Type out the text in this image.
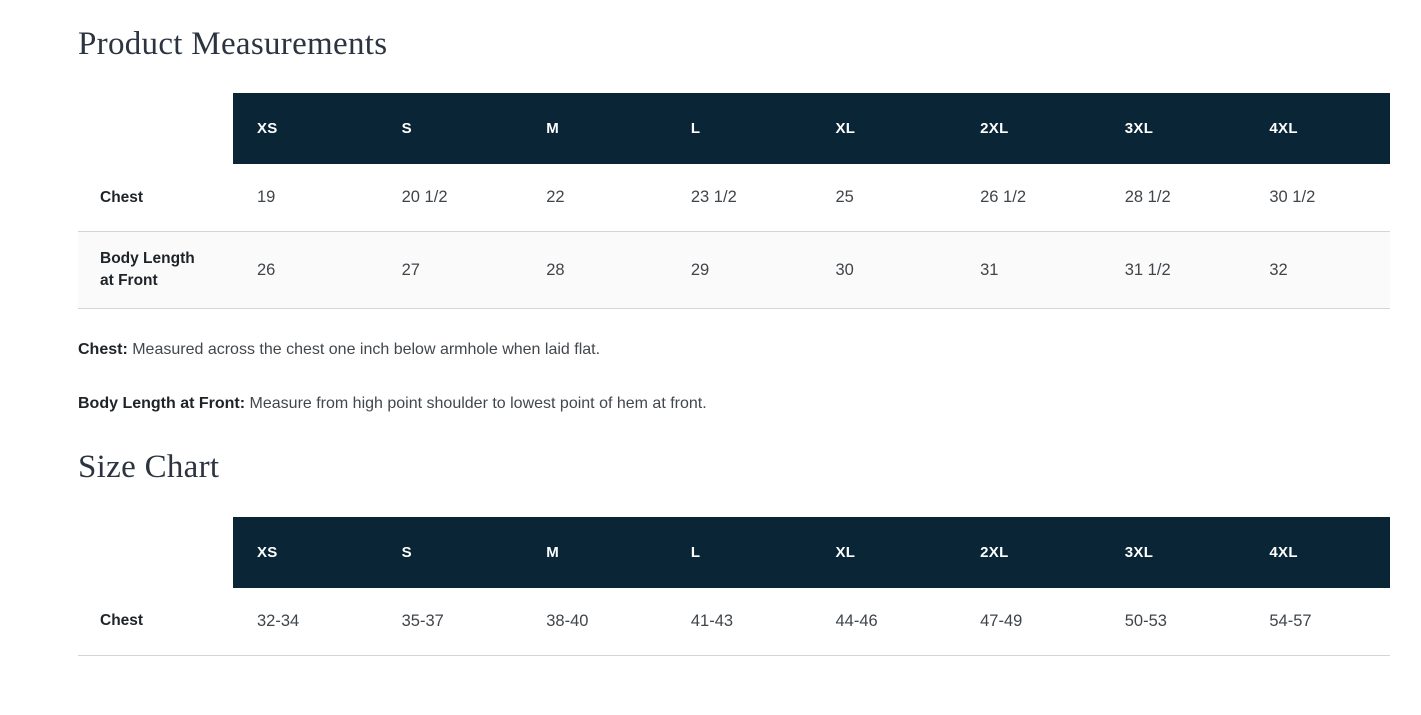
Product Measurements
	XS	S	M	L	XL	2XL	3XL	4XL
Chest	19	20 1/2	22	23 1/2	25	26 1/2	28 1/2	30 1/2
Body Length at Front	26	27	28	29	30	31	31 1/2	32

Chest: Measured across the chest one inch below armhole when laid flat.

Body Length at Front: Measure from high point shoulder to lowest point of hem at front.

Size Chart
	XS	S	M	L	XL	2XL	3XL	4XL
Chest	32-34	35-37	38-40	41-43	44-46	47-49	50-53	54-57
